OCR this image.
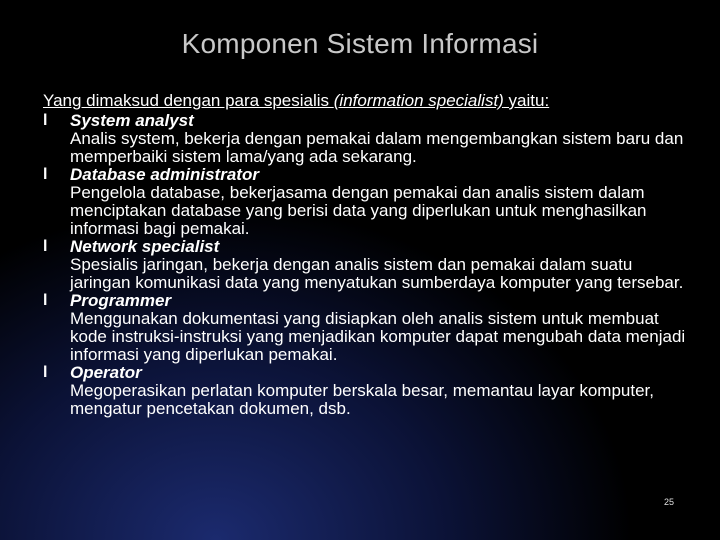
Komponen Sistem Informasi
Yang dimaksud dengan para spesialis (information specialist) yaitu:
l System analyst
Analis system, bekerja dengan pemakai dalam mengembangkan sistem baru dan memperbaiki sistem lama/yang ada sekarang.
l Database administrator
Pengelola database, bekerjasama dengan pemakai dan analis sistem dalam menciptakan database yang berisi data yang diperlukan untuk menghasilkan informasi bagi pemakai.
l Network specialist
Spesialis jaringan, bekerja dengan analis sistem dan pemakai dalam suatu jaringan komunikasi data yang menyatukan sumberdaya komputer yang tersebar.
l Programmer
Menggunakan dokumentasi yang disiapkan oleh analis sistem untuk membuat kode instruksi-instruksi yang menjadikan komputer dapat mengubah data menjadi informasi yang diperlukan pemakai.
l Operator
Megoperasikan perlatan komputer berskala besar, memantau layar komputer, mengatur pencetakan dokumen, dsb.
25
